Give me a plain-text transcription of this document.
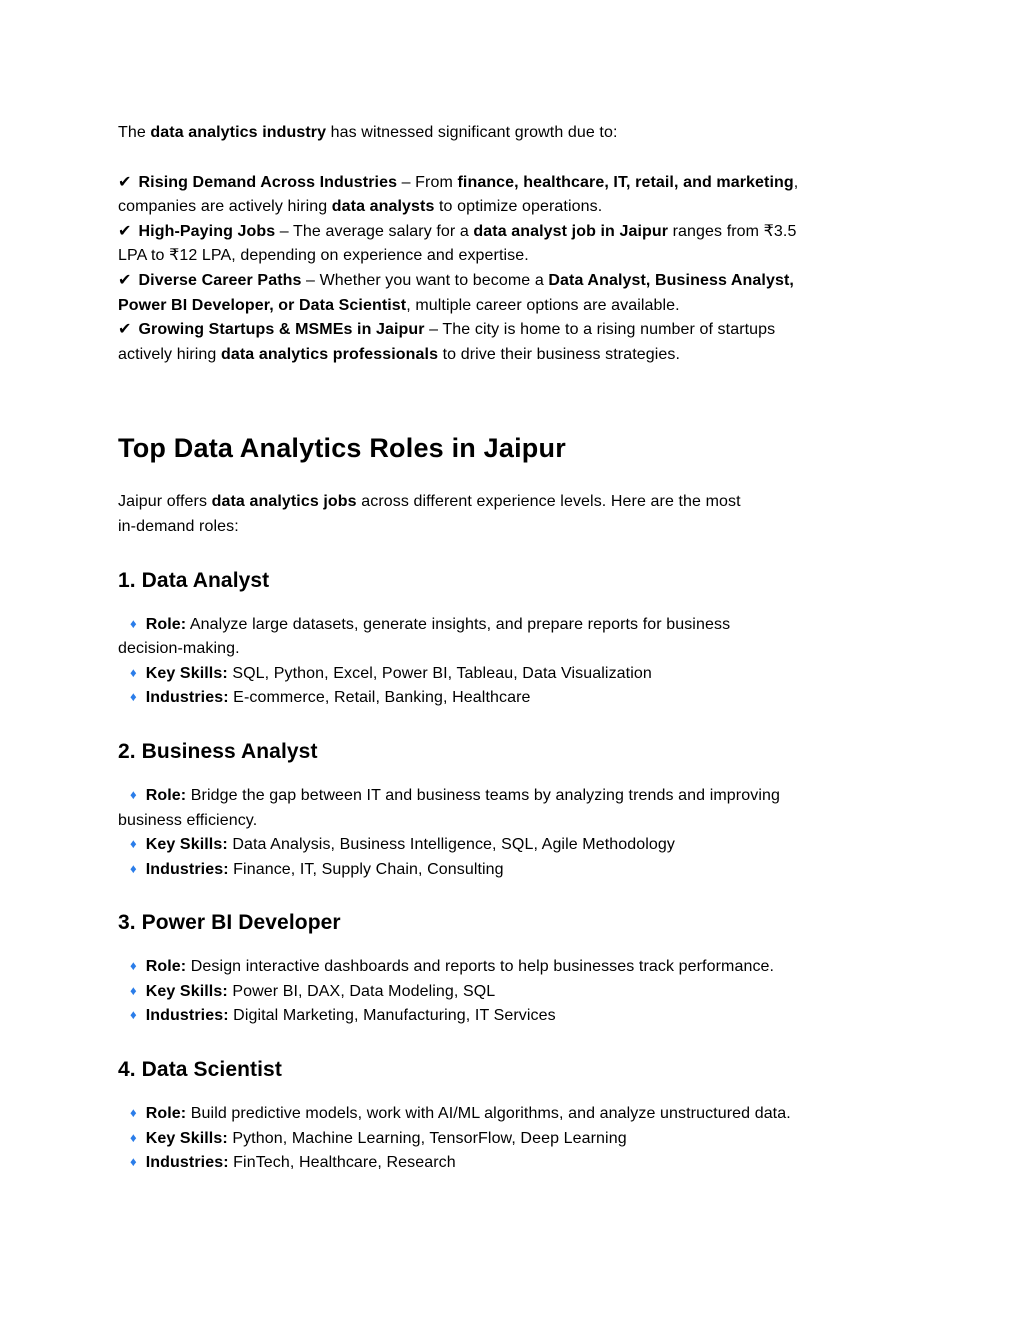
The data analytics industry has witnessed significant growth due to:

✔ Rising Demand Across Industries – From finance, healthcare, IT, retail, and marketing,
companies are actively hiring data analysts to optimize operations.

✔ High-Paying Jobs – The average salary for a data analyst job in Jaipur ranges from ₹3.5
LPA to ₹12 LPA, depending on experience and expertise.

✔ Diverse Career Paths – Whether you want to become a Data Analyst, Business Analyst,
Power BI Developer, or Data Scientist, multiple career options are available.

✔ Growing Startups & MSMEs in Jaipur – The city is home to a rising number of startups
actively hiring data analytics professionals to drive their business strategies.

Top Data Analytics Roles in Jaipur

Jaipur offers data analytics jobs across different experience levels. Here are the most
in-demand roles:

1. Data Analyst

♦ Role: Analyze large datasets, generate insights, and prepare reports for business
decision-making.

♦ Key Skills: SQL, Python, Excel, Power BI, Tableau, Data Visualization

♦ Industries: E-commerce, Retail, Banking, Healthcare

2. Business Analyst

♦ Role: Bridge the gap between IT and business teams by analyzing trends and improving
business efficiency.

♦ Key Skills: Data Analysis, Business Intelligence, SQL, Agile Methodology

♦ Industries: Finance, IT, Supply Chain, Consulting

3. Power BI Developer

♦ Role: Design interactive dashboards and reports to help businesses track performance.

♦ Key Skills: Power BI, DAX, Data Modeling, SQL

♦ Industries: Digital Marketing, Manufacturing, IT Services

4. Data Scientist

♦ Role: Build predictive models, work with AI/ML algorithms, and analyze unstructured data.

♦ Key Skills: Python, Machine Learning, TensorFlow, Deep Learning

♦ Industries: FinTech, Healthcare, Research
